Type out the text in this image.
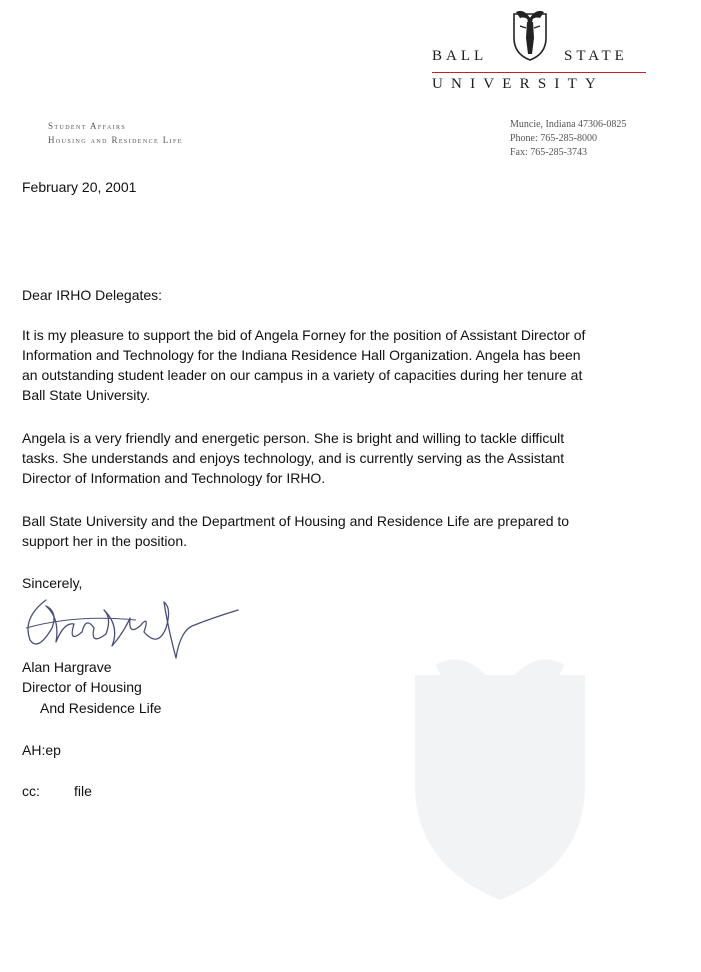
BALL	STATE
UNIVERSITY
Student Affairs
Housing and Residence Life
Muncie, Indiana 47306-0825
Phone: 765-285-8000
Fax: 765-285-3743
February 20, 2001
Dear IRHO Delegates:
It is my pleasure to support the bid of Angela Forney for the position of Assistant Director of
Information and Technology for the Indiana Residence Hall Organization. Angela has been
an outstanding student leader on our campus in a variety of capacities during her tenure at
Ball State University.
Angela is a very friendly and energetic person. She is bright and willing to tackle difficult
tasks. She understands and enjoys technology, and is currently serving as the Assistant
Director of Information and Technology for IRHO.
Ball State University and the Department of Housing and Residence Life are prepared to
support her in the position.
Sincerely,
Alan Hargrave
Director of Housing
And Residence Life
AH:ep
cc: file
